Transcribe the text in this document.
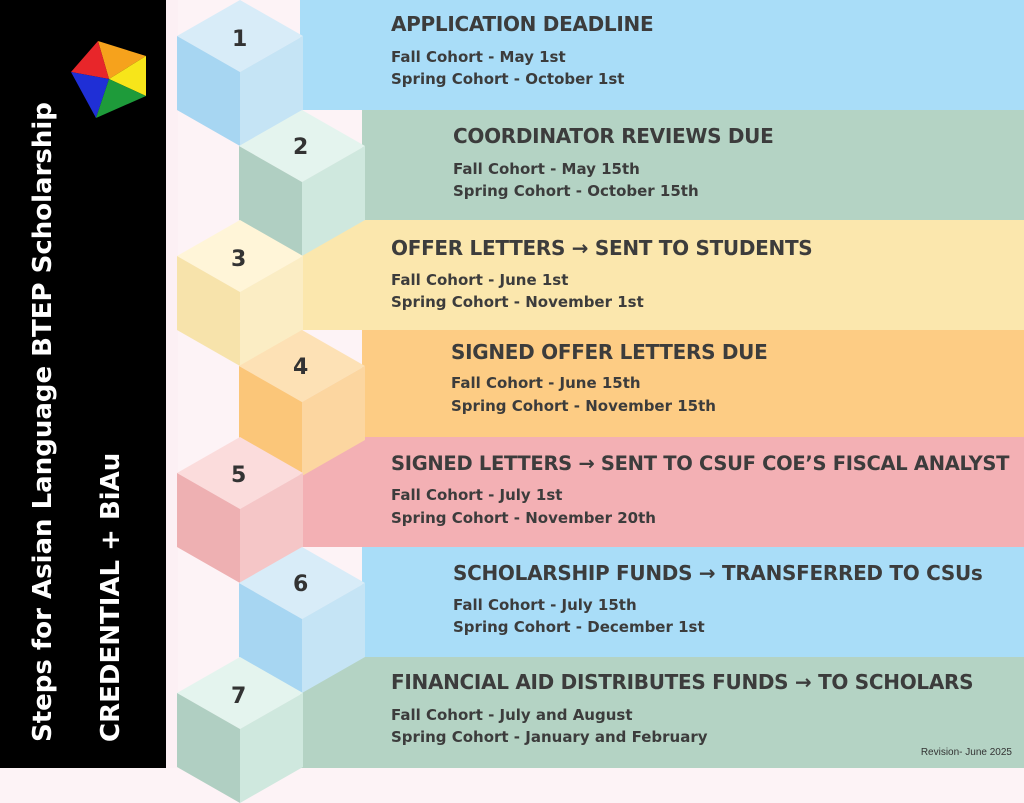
Steps for Asian Language BTEP Scholarship CREDENTIAL + BiAu
1
2
3
4
5
6
7
APPLICATION DEADLINE
Fall Cohort - May 1st
Spring Cohort - October 1st
COORDINATOR REVIEWS DUE
Fall Cohort - May 15th
Spring Cohort - October 15th
OFFER LETTERS → SENT TO STUDENTS
Fall Cohort - June 1st
Spring Cohort - November 1st
SIGNED OFFER LETTERS DUE
Fall Cohort - June 15th
Spring Cohort - November 15th
SIGNED LETTERS → SENT TO CSUF COE’S FISCAL ANALYST
Fall Cohort - July 1st
Spring Cohort - November 20th
SCHOLARSHIP FUNDS → TRANSFERRED TO CSUs
Fall Cohort - July 15th
Spring Cohort - December 1st
FINANCIAL AID DISTRIBUTES FUNDS → TO SCHOLARS
Fall Cohort - July and August
Spring Cohort - January and February
Revision- June 2025
